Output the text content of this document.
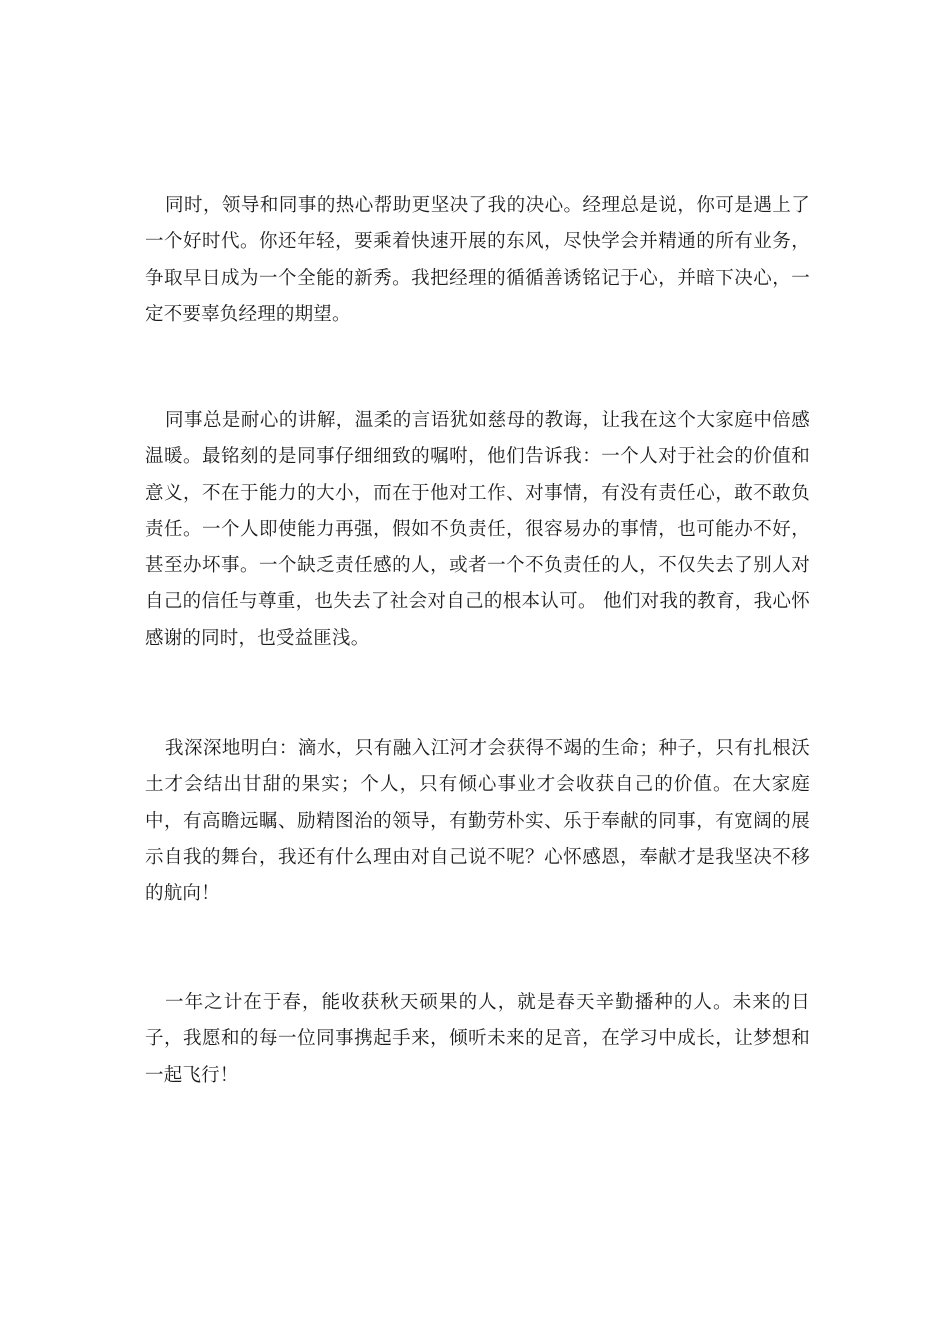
同时，领导和同事的热心帮助更坚决了我的决心。经理总是说，你可是遇上了一个好时代。你还年轻，要乘着快速开展的东风，尽快学会并精通的所有业务，争取早日成为一个全能的新秀。我把经理的循循善诱铭记于心，并暗下决心，一定不要辜负经理的期望。

同事总是耐心的讲解，温柔的言语犹如慈母的教诲，让我在这个大家庭中倍感温暖。最铭刻的是同事仔细细致的嘱咐，他们告诉我：一个人对于社会的价值和意义，不在于能力的大小，而在于他对工作、对事情，有没有责任心，敢不敢负责任。一个人即使能力再强，假如不负责任，很容易办的事情，也可能办不好，甚至办坏事。一个缺乏责任感的人，或者一个不负责任的人，不仅失去了别人对自己的信任与尊重，也失去了社会对自己的根本认可。 他们对我的教育，我心怀感谢的同时，也受益匪浅。

我深深地明白：滴水，只有融入江河才会获得不竭的生命；种子，只有扎根沃土才会结出甘甜的果实；个人，只有倾心事业才会收获自己的价值。在大家庭中，有高瞻远瞩、励精图治的领导，有勤劳朴实、乐于奉献的同事，有宽阔的展示自我的舞台，我还有什么理由对自己说不呢？心怀感恩，奉献才是我坚决不移的航向！

一年之计在于春，能收获秋天硕果的人，就是春天辛勤播种的人。未来的日子，我愿和的每一位同事携起手来，倾听未来的足音，在学习中成长，让梦想和一起飞行！
